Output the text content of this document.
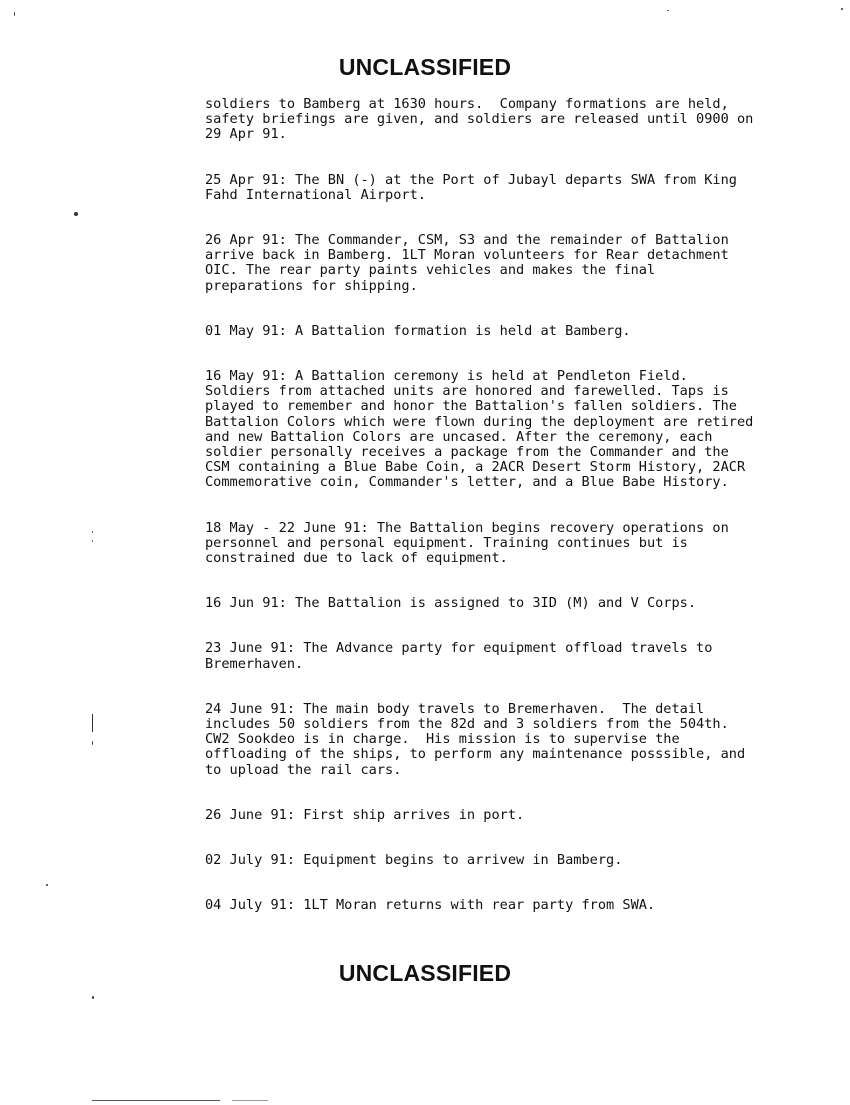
UNCLASSIFIED

soldiers to Bamberg at 1630 hours.  Company formations are held,
safety briefings are given, and soldiers are released until 0900 on
29 Apr 91.

25 Apr 91: The BN (-) at the Port of Jubayl departs SWA from King
Fahd International Airport.

26 Apr 91: The Commander, CSM, S3 and the remainder of Battalion
arrive back in Bamberg. 1LT Moran volunteers for Rear detachment
OIC. The rear party paints vehicles and makes the final
preparations for shipping.

01 May 91: A Battalion formation is held at Bamberg.

16 May 91: A Battalion ceremony is held at Pendleton Field.
Soldiers from attached units are honored and farewelled. Taps is
played to remember and honor the Battalion's fallen soldiers. The
Battalion Colors which were flown during the deployment are retired
and new Battalion Colors are uncased. After the ceremony, each
soldier personally receives a package from the Commander and the
CSM containing a Blue Babe Coin, a 2ACR Desert Storm History, 2ACR
Commemorative coin, Commander's letter, and a Blue Babe History.

18 May - 22 June 91: The Battalion begins recovery operations on
personnel and personal equipment. Training continues but is
constrained due to lack of equipment.

16 Jun 91: The Battalion is assigned to 3ID (M) and V Corps.

23 June 91: The Advance party for equipment offload travels to
Bremerhaven.

24 June 91: The main body travels to Bremerhaven.  The detail
includes 50 soldiers from the 82d and 3 soldiers from the 504th.
CW2 Sookdeo is in charge.  His mission is to supervise the
offloading of the ships, to perform any maintenance posssible, and
to upload the rail cars.

26 June 91: First ship arrives in port.

02 July 91: Equipment begins to arrivew in Bamberg.

04 July 91: 1LT Moran returns with rear party from SWA.

UNCLASSIFIED
